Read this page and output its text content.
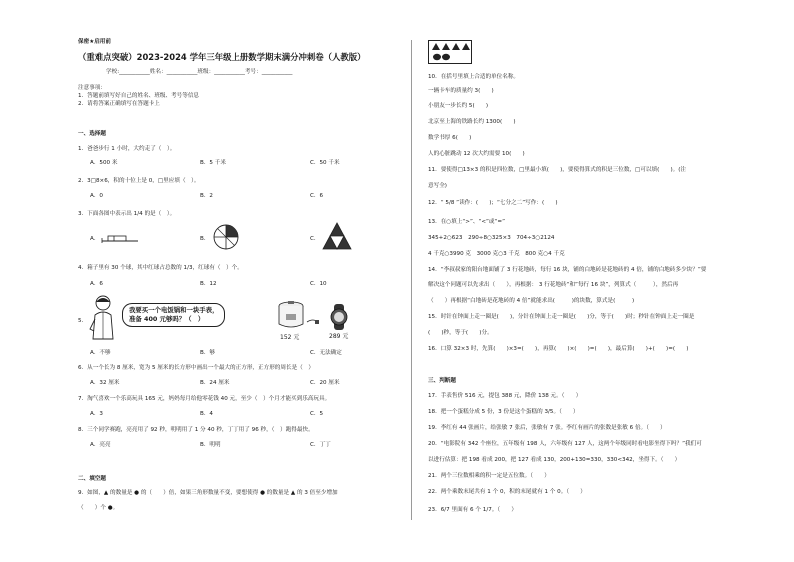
保密★启用前
（重难点突破）2023-2024 学年三年级上册数学期末满分冲刺卷（人教版）
学校:___________姓名：___________班级：___________考号：___________
注意事项：
1．答题前填写好自己的姓名、班级、考号等信息
2．请将答案正确填写在答题卡上
一、选择题
1．爸爸步行 1 小时，大约走了（　）。
A．500 米	B．5 千米	C．50 千米
2．3□8×6，积的十位上是 0，□里应填（　）。
A．0	B．2	C．6
3．下面各图中表示出 1/4 的是（　）。
A．	B．	C．
4．箱子里有 30 个球，其中红球占总数的 1/3，红球有（　）个。
A．6	B．12	C．10
5．
我要买一个电饭锅和一块手表，
准备 400 元够吗？（　）
152 元	289 元
A．不够	B．够	C．无法确定
6．从一个长为 8 厘米，宽为 5 厘米的长方形中画出一个最大的正方形，正方形的周长是（　）
A．32 厘米	B．24 厘米	C．20 厘米
7．淘气喜欢一个乐高玩具 165 元，妈妈每月给他零花钱 40 元，至少（　）个月才能买到乐高玩具。
A．3	B．4	C．5
8．三个同学赛跑，亮亮用了 92 秒，明明用了 1 分 40 秒，丁丁用了 96 秒，（　）跑得最快。
A．亮亮	B．明明	C．丁丁
二、填空题
9．如图，▲ 的数量是 ● 的（　　）倍，如果三角形数量不变，要想使得 ● 的数量是 ▲ 的 3 倍至少增加
（　　）个 ●。
10．在括号里填上合适的单位名称。
一辆卡车的质量约 3(　　)
小朋友一步长约 5(　　)
北京至上海的铁路长约 1300(　　)
数学书厚 6(　　)
人的心脏跳动 12 次大约需要 10(　　)
11．要使得□13×3 的积是四位数，□里最小填(　　)，要使得算式的积是三位数，□可以填(　　)。(注
意写全)
12．“ 5/8 ”读作：(　　)；“七分之二”写作：(　　)
13．在○填上“>”、“<”或“=”
345+2○623　290÷8○325×3　704÷3○2124
4 千克○3990 克　3000 克○3 千克　800 克○4 千克
14．“李叔叔家的阳台地面铺了 3 行花地砖，每行 16 块，铺的白地砖是花地砖的 4 倍，铺的白地砖多少块？”要
解决这个问题可以先求出（　　），再根据： 3 行花地砖“和”每行 16 块”，列算式（　　　），然后再
（　　）再根据“白地砖是花地砖的 4 倍”就能求出(　　　)的块数，算式是(　　　)
15．时针在钟面上走一圈是(　　)，分针在钟面上走一圈是(　　)分，等于(　　)时；秒针在钟面上走一圈是
(　　)秒，等于(　　)分。
16．口算 32×3 时，先算(　　)×3=(　　)，再算(　　)×(　　)=(　　)，最后算(　　)+(　　)=(　　)
三、判断题
17．手表售价 516 元，提包 388 元，降价 138 元。（　　）
18．把一个蛋糕分成 5 份，3 份是这个蛋糕的 3/5。（　　）
19．李红有 44 张画片，给张敏 7 张后，张敏有 7 张。李红有画片的张数是张敏 6 倍。（　　）
20．“电影院有 342 个座位，五年级有 198 人，六年级有 127 人，这两个年级同时看电影坐得下吗？”我们可
以进行估算：把 198 看成 200，把 127 看成 130，200+130=330，330<342，坐得下。（　　）
21．两个三位数相乘的积一定是五位数。（　　）
22．两个乘数末尾共有 1 个 0，积的末尾就有 1 个 0。（　　）
23．6/7 里面有 6 个 1/7。（　　）
